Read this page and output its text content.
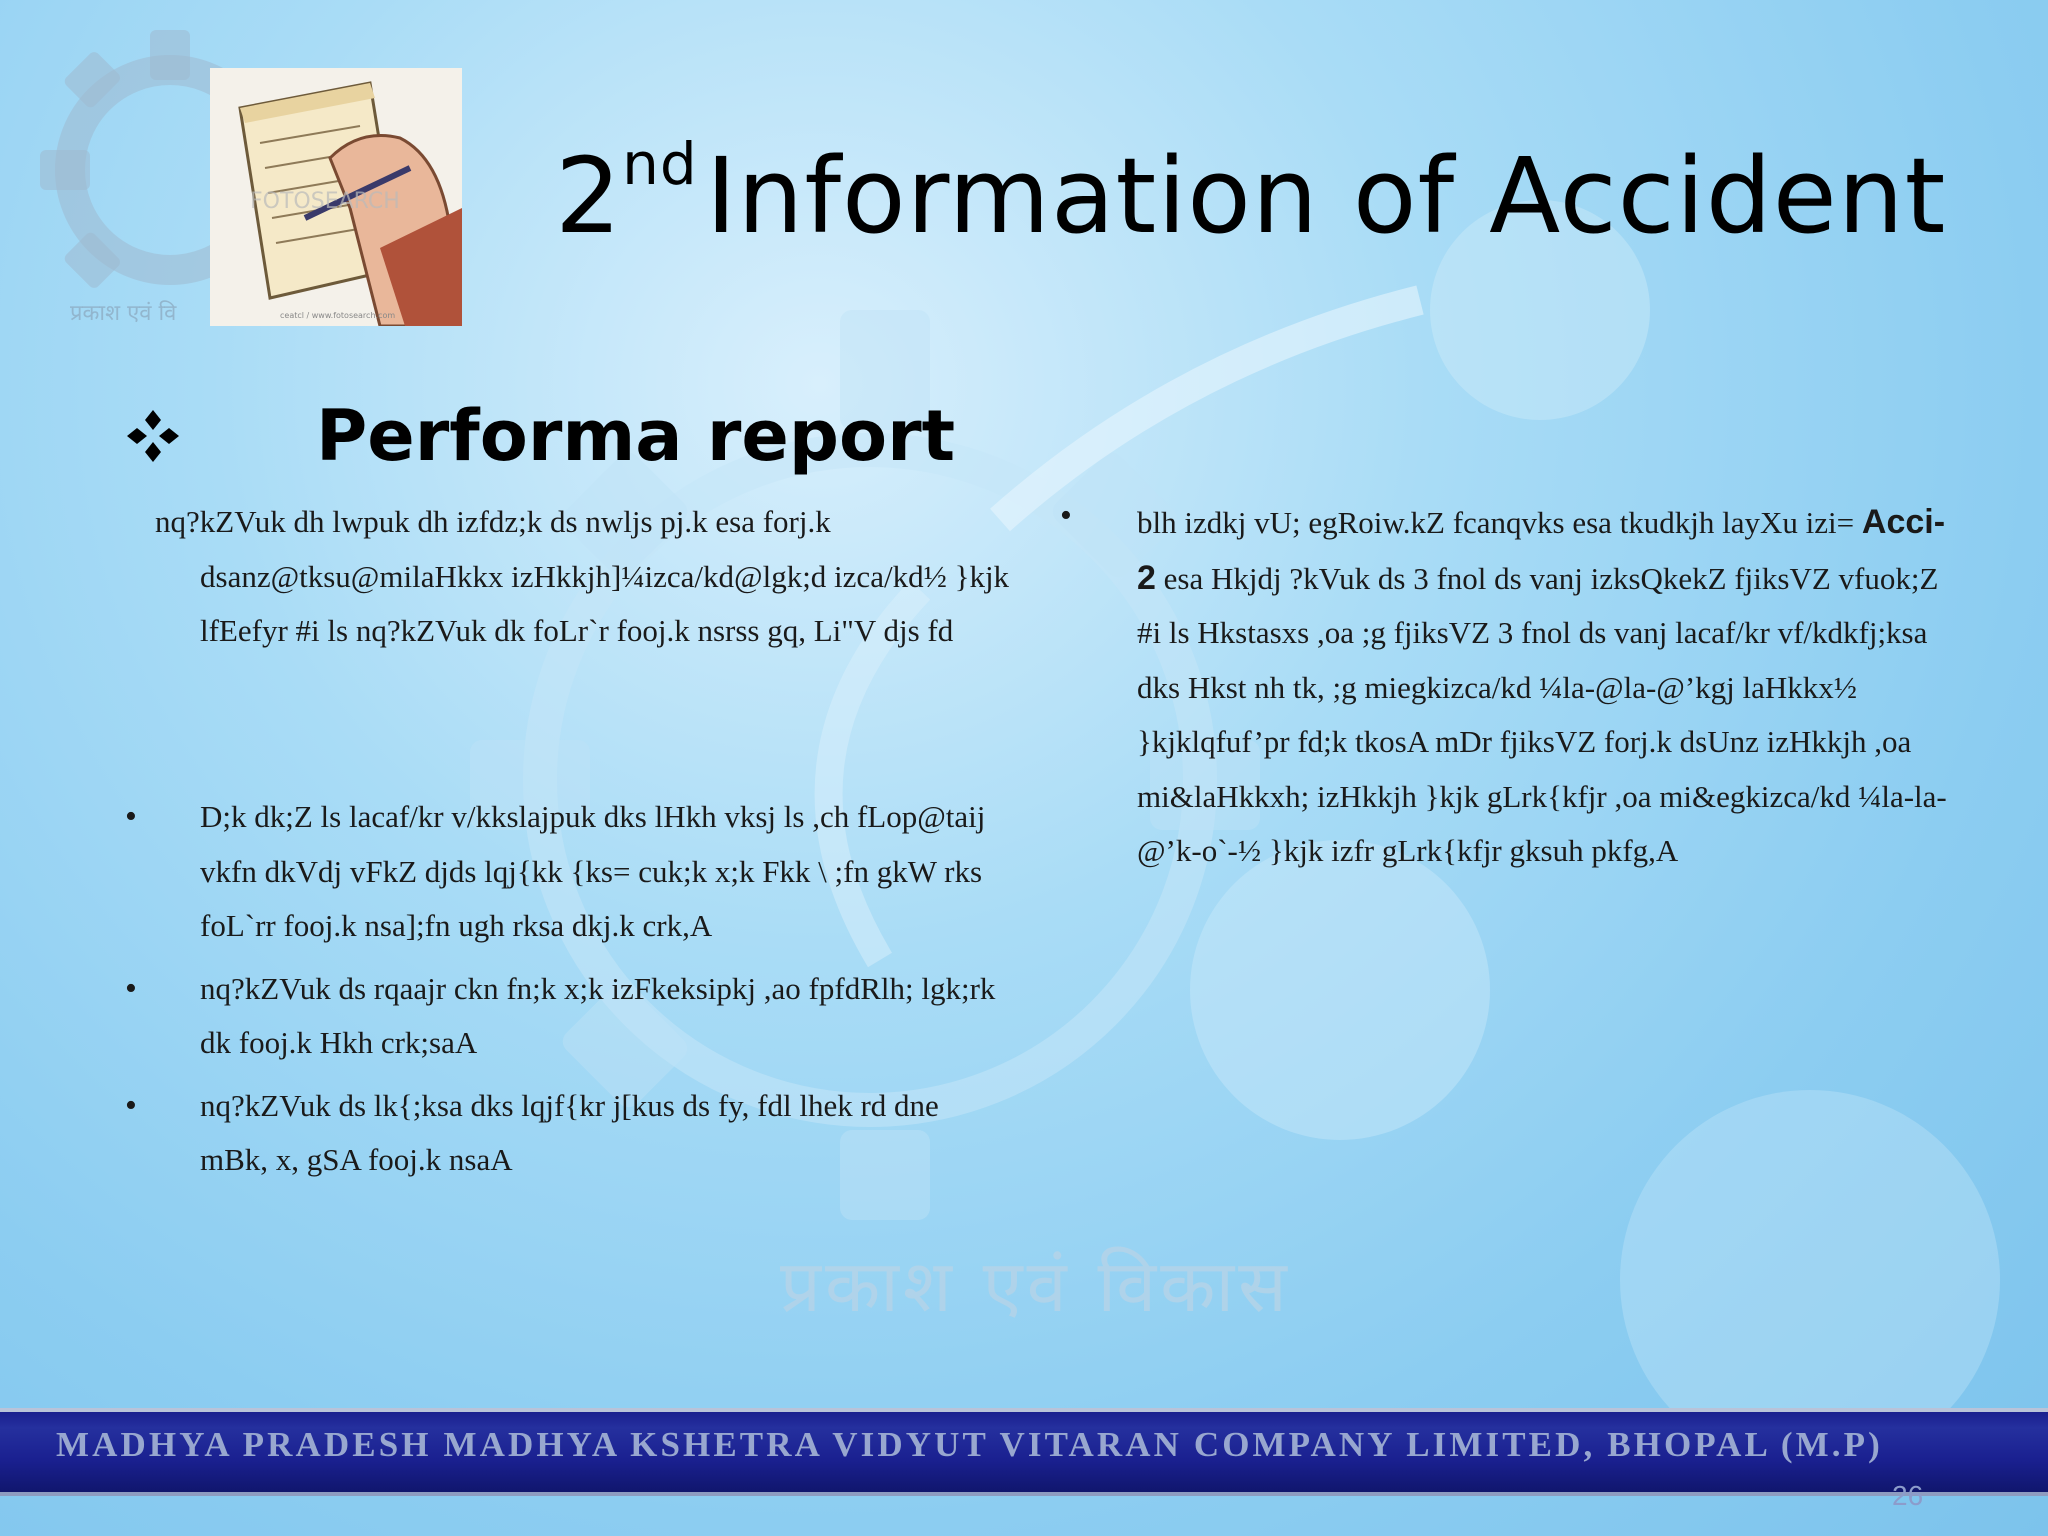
प्रकाश एवं विकास
प्रकाश एवं वि
FOTOSEARCH
ceatcl / www.fotosearch.com
2ndInformation of Accident
Performa report
nq?kZVuk dh lwpuk dh izfdz;k ds nwljs pj.k esa forj.k dsanz@tksu@milaHkkx izHkkjh]¼izca/kd@lgk;d izca/kd½ }kjk lfEefyr #i ls nq?kZVuk dk foLr`r fooj.k nsrss gq, Li"V djs fd
• D;k dk;Z ls lacaf/kr v/kkslajpuk dks lHkh vksj ls ,ch fLop@taij vkfn dkVdj vFkZ djds lqj{kk {ks= cuk;k x;k Fkk \ ;fn gkW rks foL`rr fooj.k nsa];fn ugh rksa dkj.k crk,A
• nq?kZVuk ds rqaajr ckn fn;k x;k izFkeksipkj ,ao fpfdRlh; lgk;rk dk fooj.k Hkh crk;saA
• nq?kZVuk ds lk{;ksa dks lqjf{kr j[kus ds fy, fdl lhek rd dne mBk, x, gSA fooj.k nsaA
• blh izdkj vU; egRoiw.kZ fcanqvks esa tkudkjh layXu izi= Acci-2 esa Hkjdj ?kVuk ds 3 fnol ds vanj izksQkekZ fjiksVZ vfuok;Z #i ls Hkstasxs ,oa ;g fjiksVZ 3 fnol ds vanj lacaf/kr vf/kdkfj;ksa dks Hkst nh tk, ;g miegkizca/kd ¼la-@la-@’kgj laHkkx½ }kjklqfuf’pr fd;k tkosA mDr fjiksVZ forj.k dsUnz izHkkjh ,oa mi&laHkkxh; izHkkjh }kjk gLrk{kfjr ,oa mi&egkizca/kd ¼la-la-@’k-o`-½ }kjk izfr gLrk{kfjr gksuh pkfg,A
MADHYA PRADESH MADHYA KSHETRA VIDYUT VITARAN COMPANY LIMITED, BHOPAL (M.P)
26
